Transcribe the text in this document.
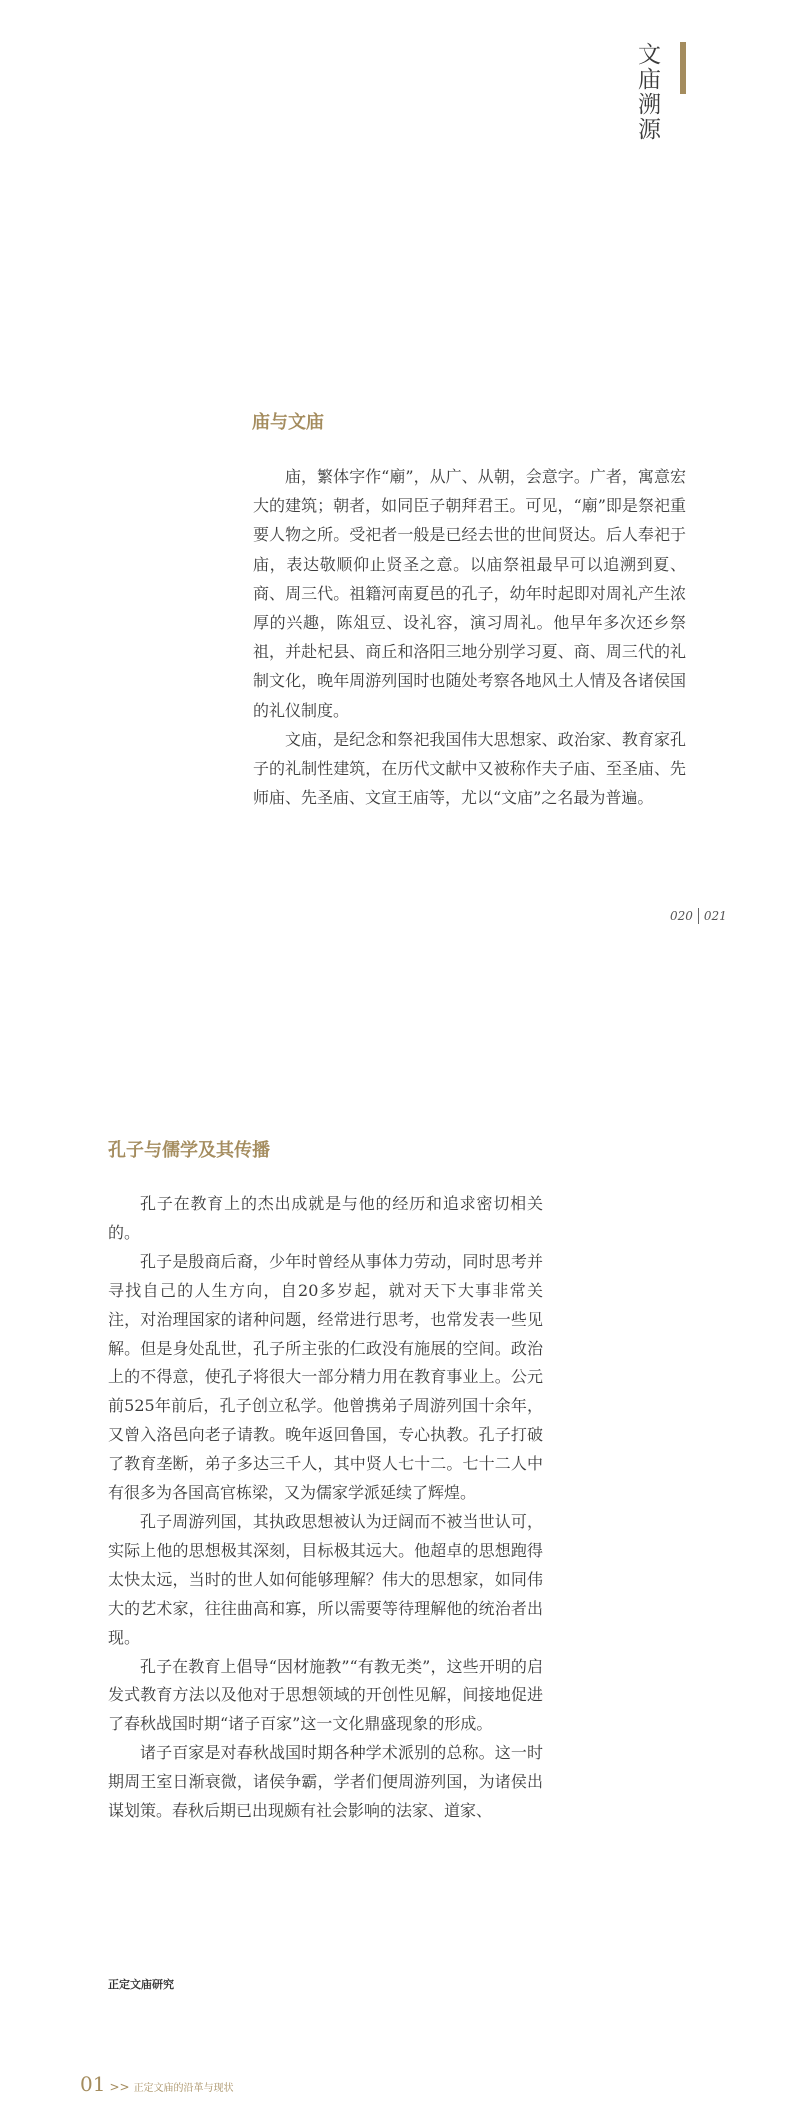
文庙溯源
庙与文庙

庙，繁体字作“廟”，从广、从朝，会意字。广者，寓意宏大的建筑；朝者，如同臣子朝拜君王。可见，“廟”即是祭祀重要人物之所。受祀者一般是已经去世的世间贤达。后人奉祀于庙，表达敬顺仰止贤圣之意。以庙祭祖最早可以追溯到夏、商、周三代。祖籍河南夏邑的孔子，幼年时起即对周礼产生浓厚的兴趣，陈俎豆、设礼容，演习周礼。他早年多次还乡祭祖，并赴杞县、商丘和洛阳三地分别学习夏、商、周三代的礼制文化，晚年周游列国时也随处考察各地风土人情及各诸侯国的礼仪制度。

文庙，是纪念和祭祀我国伟大思想家、政治家、教育家孔子的礼制性建筑，在历代文献中又被称作夫子庙、至圣庙、先师庙、先圣庙、文宣王庙等，尤以“文庙”之名最为普遍。

020 021
孔子与儒学及其传播

孔子在教育上的杰出成就是与他的经历和追求密切相关的。

孔子是殷商后裔，少年时曾经从事体力劳动，同时思考并寻找自己的人生方向，自20多岁起，就对天下大事非常关注，对治理国家的诸种问题，经常进行思考，也常发表一些见解。但是身处乱世，孔子所主张的仁政没有施展的空间。政治上的不得意，使孔子将很大一部分精力用在教育事业上。公元前525年前后，孔子创立私学。他曾携弟子周游列国十余年，又曾入洛邑向老子请教。晚年返回鲁国，专心执教。孔子打破了教育垄断，弟子多达三千人，其中贤人七十二。七十二人中有很多为各国高官栋梁，又为儒家学派延续了辉煌。

孔子周游列国，其执政思想被认为迂阔而不被当世认可，实际上他的思想极其深刻，目标极其远大。他超卓的思想跑得太快太远，当时的世人如何能够理解？伟大的思想家，如同伟大的艺术家，往往曲高和寡，所以需要等待理解他的统治者出现。

孔子在教育上倡导“因材施教”“有教无类”，这些开明的启发式教育方法以及他对于思想领域的开创性见解，间接地促进了春秋战国时期“诸子百家”这一文化鼎盛现象的形成。

诸子百家是对春秋战国时期各种学术派别的总称。这一时期周王室日渐衰微，诸侯争霸，学者们便周游列国，为诸侯出谋划策。春秋后期已出现颇有社会影响的法家、道家、

正定文庙研究
01 >> 正定文庙的沿革与现状
